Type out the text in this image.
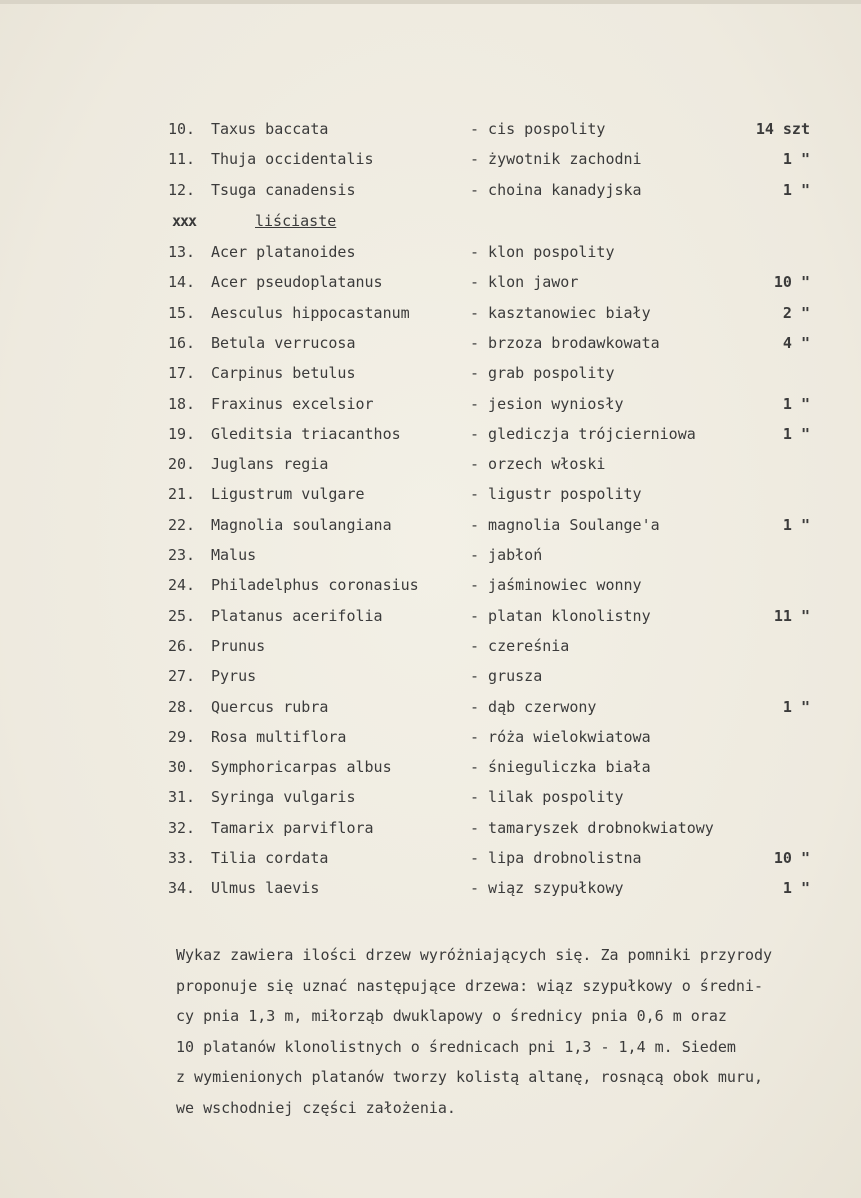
10. Taxus baccata	- cis pospolity	14 szt
11. Thuja occidentalis	- żywotnik zachodni	1 "
12. Tsuga canadensis	- choina kanadyjska	1 "
xxx	liściaste
13. Acer platanoides	- klon pospolity
14. Acer pseudoplatanus	- klon jawor	10 "
15. Aesculus hippocastanum	- kasztanowiec biały	2 "
16. Betula verrucosa	- brzoza brodawkowata	4 "
17. Carpinus betulus	- grab pospolity
18. Fraxinus excelsior	- jesion wyniosły	1 "
19. Gleditsia triacanthos	- glediczja trójcierniowa	1 "
20. Juglans regia	- orzech włoski
21. Ligustrum vulgare	- ligustr pospolity
22. Magnolia soulangiana	- magnolia Soulange'a	1 "
23. Malus	- jabłoń
24. Philadelphus coronasius	- jaśminowiec wonny
25. Platanus acerifolia	- platan klonolistny	11 "
26. Prunus	- czereśnia
27. Pyrus	- grusza
28. Quercus rubra	- dąb czerwony	1 "
29. Rosa multiflora	- róża wielokwiatowa
30. Symphoricarpas albus	- śnieguliczka biała
31. Syringa vulgaris	- lilak pospolity
32. Tamarix parviflora	- tamaryszek drobnokwiatowy
33. Tilia cordata	- lipa drobnolistna	10 "
34. Ulmus laevis	- wiąz szypułkowy	1 "

Wykaz zawiera ilości drzew wyróżniających się. Za pomniki przyrody

proponuje się uznać następujące drzewa: wiąz szypułkowy o średni-

cy pnia 1,3 m, miłorząb dwuklapowy o średnicy pnia 0,6 m oraz

10 platanów klonolistnych o średnicach pni 1,3 - 1,4 m. Siedem

z wymienionych platanów tworzy kolistą altanę, rosnącą obok muru,

we wschodniej części założenia.
